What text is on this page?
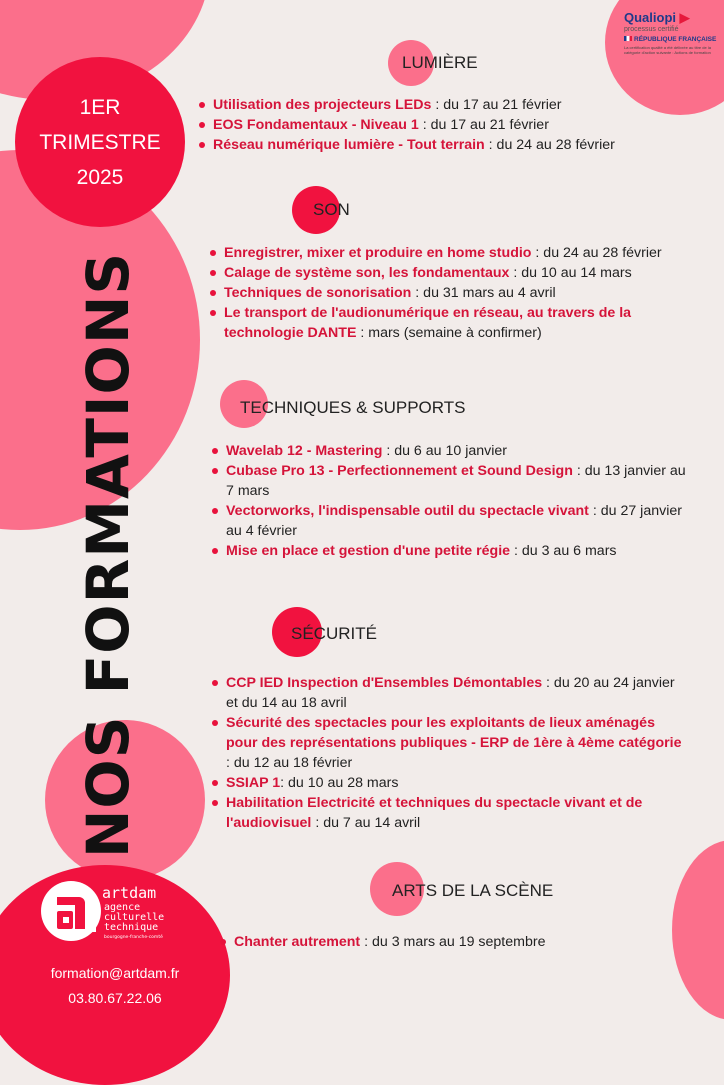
1ER
TRIMESTRE
2025
NOS FORMATIONS
artdam
agence
culturelle
technique
bourgogne-franche-comté
formation@artdam.fr
03.80.67.22.06
Qualiopi ▶
processus certifié
RÉPUBLIQUE FRANÇAISE
La certification qualité a été délivrée au titre de la catégorie d'action suivante : Actions de formation
LUMIÈRE
Utilisation des projecteurs LEDs : du 17 au 21 février
EOS Fondamentaux - Niveau 1 : du 17 au 21 février
Réseau numérique lumière - Tout terrain : du 24 au 28 février
SON
Enregistrer, mixer et produire en home studio : du 24 au 28 février
Calage de système son, les fondamentaux : du 10 au 14 mars
Techniques de sonorisation : du 31 mars au 4 avril
Le transport de l'audionumérique en réseau, au travers de la technologie DANTE : mars (semaine à confirmer)
TECHNIQUES & SUPPORTS
Wavelab 12 - Mastering : du 6 au 10 janvier
Cubase Pro 13 - Perfectionnement et Sound Design : du 13 janvier au 7 mars
Vectorworks, l'indispensable outil du spectacle vivant : du 27 janvier au 4 février
Mise en place et gestion d'une petite régie : du 3 au 6 mars
SÉCURITÉ
CCP IED Inspection d'Ensembles Démontables : du 20 au 24 janvier et du 14 au 18 avril
Sécurité des spectacles pour les exploitants de lieux aménagés pour des représentations publiques - ERP de 1ère à 4ème catégorie : du 12 au 18 février
SSIAP 1: du 10 au 28 mars
Habilitation Electricité et techniques du spectacle vivant et de l'audiovisuel : du 7 au 14 avril
ARTS DE LA SCÈNE
Chanter autrement : du 3 mars au 19 septembre
